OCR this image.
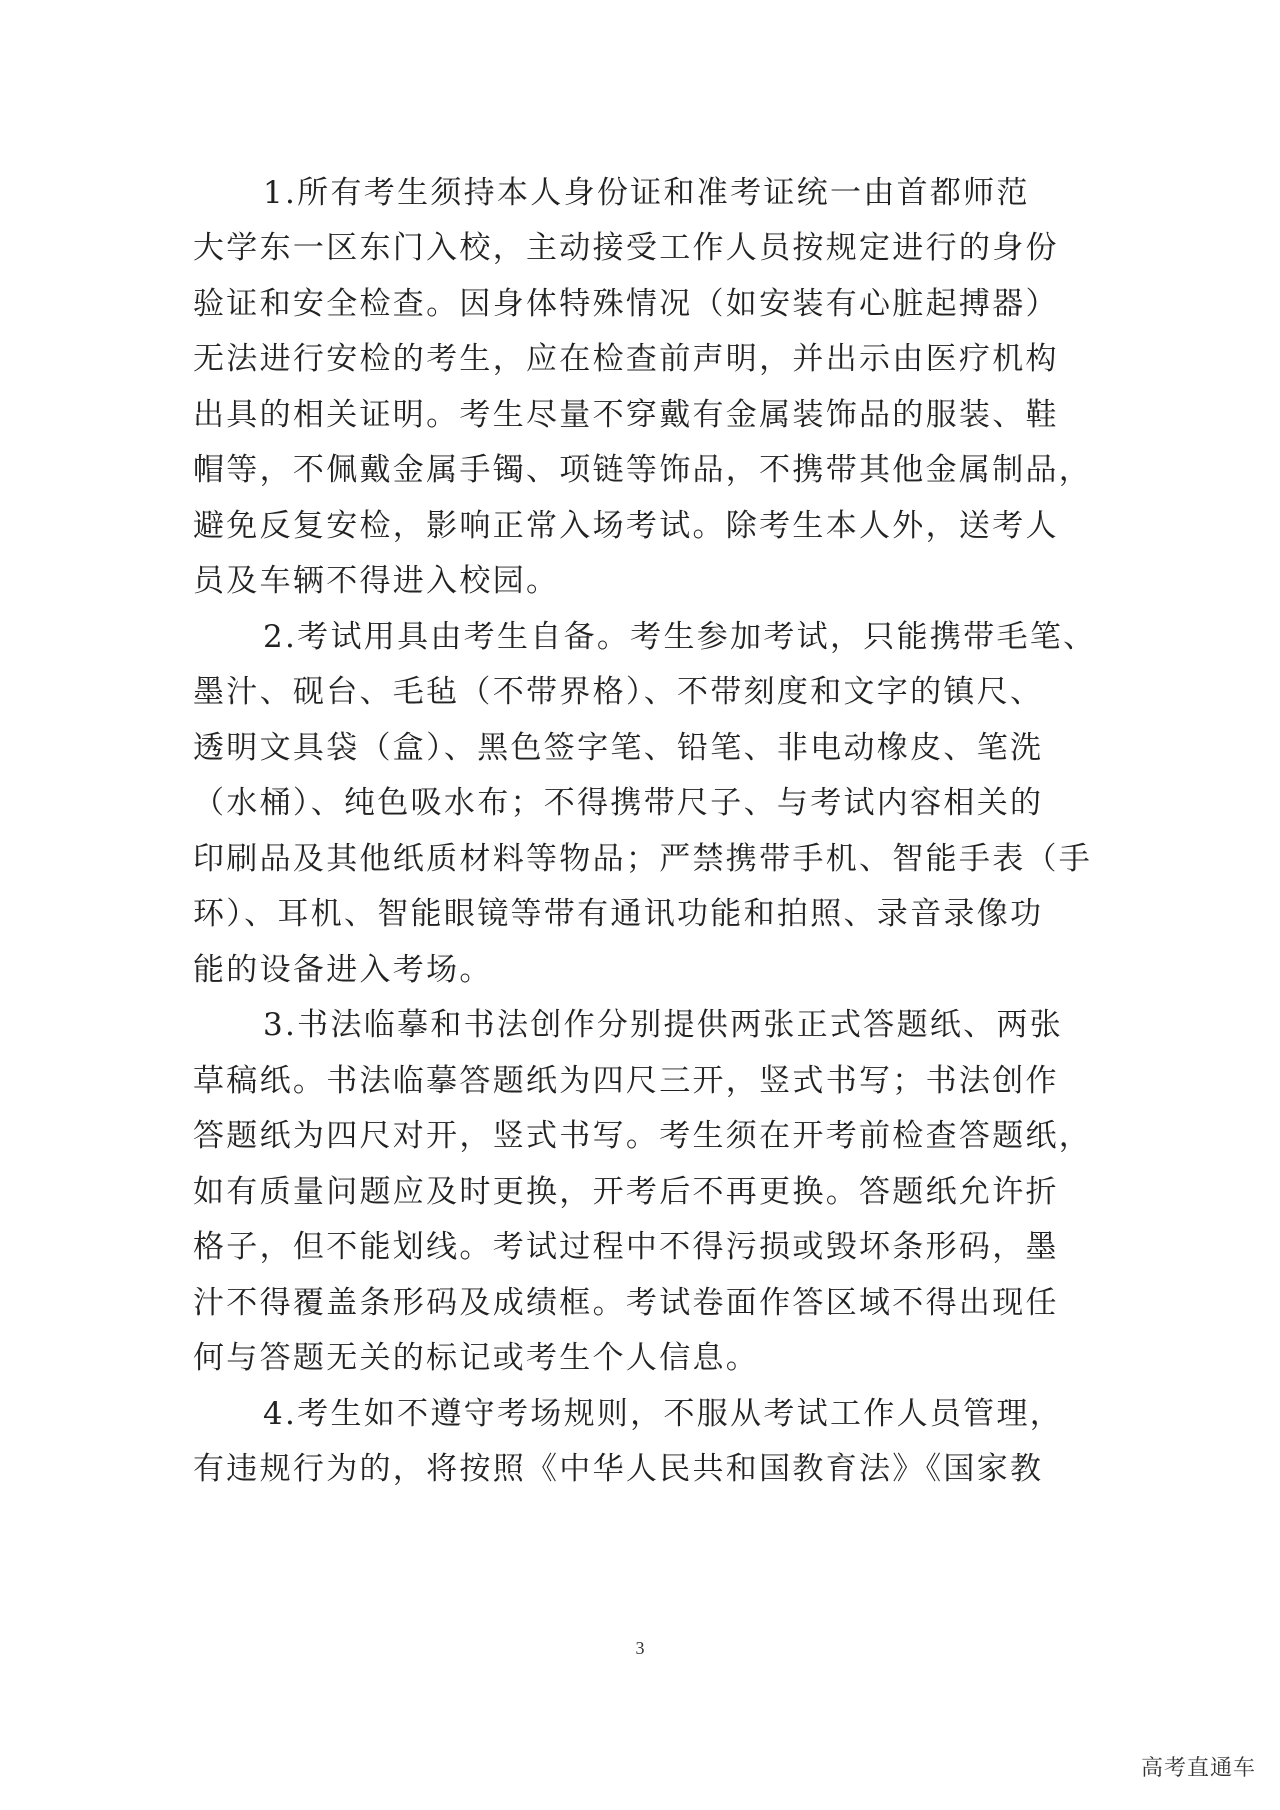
1.所有考生须持本人身份证和准考证统一由首都师范
大学东一区东门入校，主动接受工作人员按规定进行的身份
验证和安全检查。因身体特殊情况（如安装有心脏起搏器）
无法进行安检的考生，应在检查前声明，并出示由医疗机构
出具的相关证明。考生尽量不穿戴有金属装饰品的服装、鞋
帽等，不佩戴金属手镯、项链等饰品，不携带其他金属制品，
避免反复安检，影响正常入场考试。除考生本人外，送考人
员及车辆不得进入校园。
2.考试用具由考生自备。考生参加考试，只能携带毛笔、
墨汁、砚台、毛毡（不带界格）、不带刻度和文字的镇尺、
透明文具袋（盒）、黑色签字笔、铅笔、非电动橡皮、笔洗
（水桶）、纯色吸水布；不得携带尺子、与考试内容相关的
印刷品及其他纸质材料等物品；严禁携带手机、智能手表（手
环）、耳机、智能眼镜等带有通讯功能和拍照、录音录像功
能的设备进入考场。
3.书法临摹和书法创作分别提供两张正式答题纸、两张
草稿纸。书法临摹答题纸为四尺三开，竖式书写；书法创作
答题纸为四尺对开，竖式书写。考生须在开考前检查答题纸，
如有质量问题应及时更换，开考后不再更换。答题纸允许折
格子，但不能划线。考试过程中不得污损或毁坏条形码，墨
汁不得覆盖条形码及成绩框。考试卷面作答区域不得出现任
何与答题无关的标记或考生个人信息。
4.考生如不遵守考场规则，不服从考试工作人员管理，
有违规行为的，将按照《中华人民共和国教育法》《国家教
3
高考直通车
